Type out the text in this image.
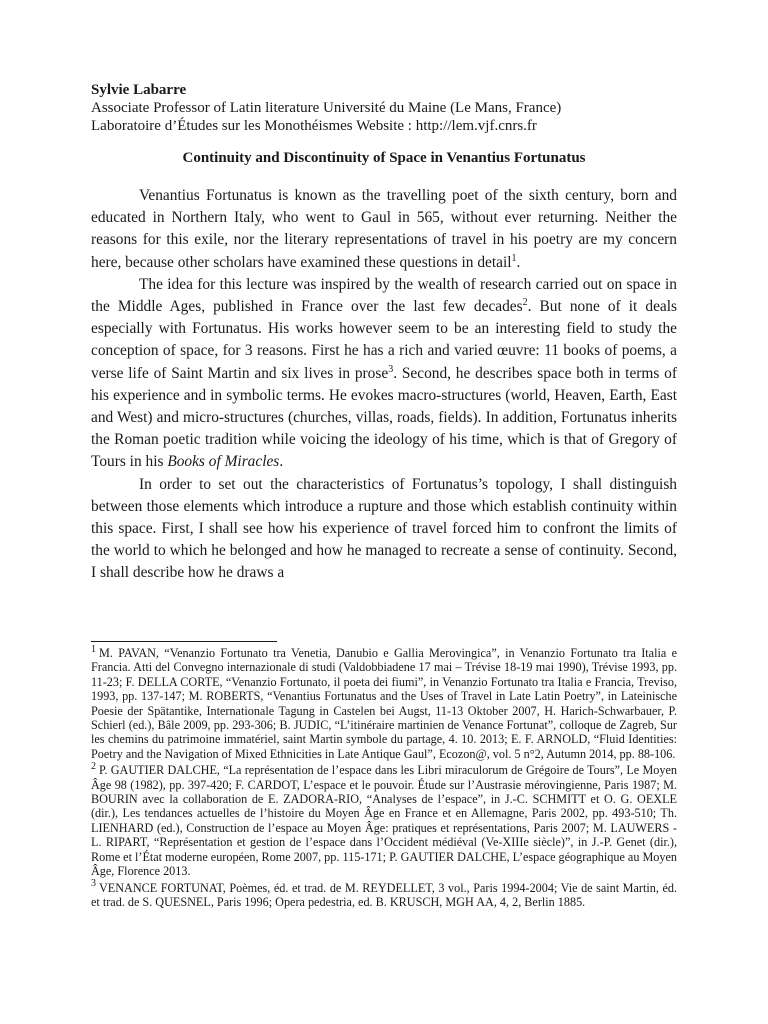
Sylvie Labarre
Associate Professor of Latin literature Université du Maine (Le Mans, France)
Laboratoire d’Études sur les Monothéismes Website : http://lem.vjf.cnrs.fr
Continuity and Discontinuity of Space in Venantius Fortunatus

Venantius Fortunatus is known as the travelling poet of the sixth century, born and educated in Northern Italy, who went to Gaul in 565, without ever returning. Neither the reasons for this exile, nor the literary representations of travel in his poetry are my concern here, because other scholars have examined these questions in detail$^1$.

The idea for this lecture was inspired by the wealth of research carried out on space in the Middle Ages, published in France over the last few decades$^2$. But none of it deals especially with Fortunatus. His works however seem to be an interesting field to study the conception of space, for 3 reasons. First he has a rich and varied œuvre: 11 books of poems, a verse life of Saint Martin and six lives in prose$^3$. Second, he describes space both in terms of his experience and in symbolic terms. He evokes macro-structures (world, Heaven, Earth, East and West) and micro-structures (churches, villas, roads, fields). In addition, Fortunatus inherits the Roman poetic tradition while voicing the ideology of his time, which is that of Gregory of Tours in his Books of Miracles.

In order to set out the characteristics of Fortunatus’s topology, I shall distinguish between those elements which introduce a rupture and those which establish continuity within this space. First, I shall see how his experience of travel forced him to confront the limits of the world to which he belonged and how he managed to recreate a sense of continuity. Second, I shall describe how he draws a

$^1$ M. PAVAN, “Venanzio Fortunato tra Venetia, Danubio e Gallia Merovingica”, in Venanzio Fortunato tra Italia e Francia. Atti del Convegno internazionale di studi (Valdobbiadene 17 mai – Trévise 18-19 mai 1990), Trévise 1993, pp. 11-23; F. DELLA CORTE, “Venanzio Fortunato, il poeta dei fiumi”, in Venanzio Fortunato tra Italia e Francia, Treviso, 1993, pp. 137-147; M. ROBERTS, “Venantius Fortunatus and the Uses of Travel in Late Latin Poetry”, in Lateinische Poesie der Spätantike, Internationale Tagung in Castelen bei Augst, 11-13 Oktober 2007, H. Harich-Schwarbauer, P. Schierl (ed.), Bâle 2009, pp. 293-306; B. JUDIC, “L’itinéraire martinien de Venance Fortunat”, colloque de Zagreb, Sur les chemins du patrimoine immatériel, saint Martin symbole du partage, 4. 10. 2013; E. F. ARNOLD, “Fluid Identities: Poetry and the Navigation of Mixed Ethnicities in Late Antique Gaul”, Ecozon@, vol. 5 n°2, Autumn 2014, pp. 88-106.

$^2$ P. GAUTIER DALCHE, “La représentation de l’espace dans les Libri miraculorum de Grégoire de Tours”, Le Moyen Âge 98 (1982), pp. 397-420; F. CARDOT, L’espace et le pouvoir. Étude sur l’Austrasie mérovingienne, Paris 1987; M. BOURIN avec la collaboration de E. ZADORA-RIO, “Analyses de l’espace”, in J.-C. SCHMITT et O. G. OEXLE (dir.), Les tendances actuelles de l’histoire du Moyen Âge en France et en Allemagne, Paris 2002, pp. 493-510; Th. LIENHARD (ed.), Construction de l’espace au Moyen Âge: pratiques et représentations, Paris 2007; M. LAUWERS - L. RIPART, “Représentation et gestion de l’espace dans l’Occident médiéval (Ve-XIIIe siècle)”, in J.-P. Genet (dir.), Rome et l’État moderne européen, Rome 2007, pp. 115-171; P. GAUTIER DALCHE, L’espace géographique au Moyen Âge, Florence 2013.

$^3$ VENANCE FORTUNAT, Poèmes, éd. et trad. de M. REYDELLET, 3 vol., Paris 1994-2004; Vie de saint Martin, éd. et trad. de S. QUESNEL, Paris 1996; Opera pedestria, ed. B. KRUSCH, MGH AA, 4, 2, Berlin 1885.
